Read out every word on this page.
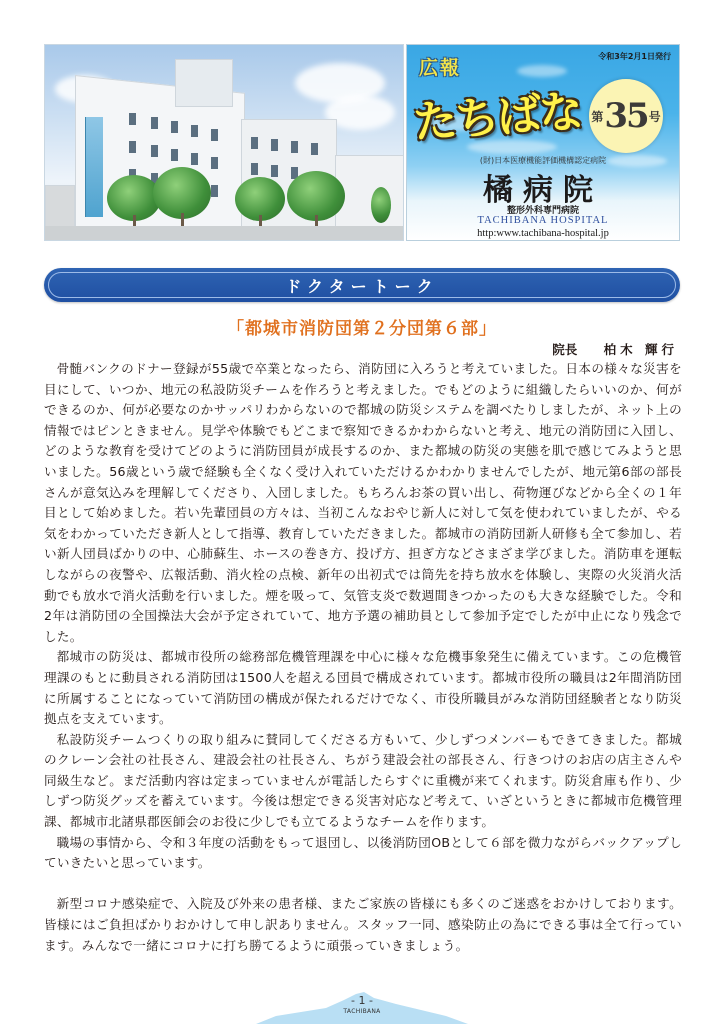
令和3年2月1日発行
広報
たちばな 第 35 号
(財)日本医療機能評価機構認定病院
橘病院
整形外科専門病院
TACHIBANA HOSPITAL
http:www.tachibana-hospital.jp
ドクタートーク
「都城市消防団第２分団第６部」
院長 柏木 輝行

骨髄バンクのドナー登録が55歳で卒業となったら、消防団に入ろうと考えていました。日本の様々な災害を目にして、いつか、地元の私設防災チームを作ろうと考えました。でもどのように組織したらいいのか、何ができるのか、何が必要なのかサッパリわからないので都城の防災システムを調べたりしましたが、ネット上の情報ではピンときません。見学や体験でもどこまで察知できるかわからないと考え、地元の消防団に入団し、どのような教育を受けてどのように消防団員が成長するのか、また都城の防災の実態を肌で感じてみようと思いました。56歳という歳で経験も全くなく受け入れていただけるかわかりませんでしたが、地元第6部の部長さんが意気込みを理解してくださり、入団しました。もちろんお茶の買い出し、荷物運びなどから全くの１年目として始めました。若い先輩団員の方々は、当初こんなおやじ新人に対して気を使われていましたが、やる気をわかっていただき新人として指導、教育していただきました。都城市の消防団新人研修も全て参加し、若い新人団員ばかりの中、心肺蘇生、ホースの巻き方、投げ方、担ぎ方などさまざま学びました。消防車を運転しながらの夜警や、広報活動、消火栓の点検、新年の出初式では筒先を持ち放水を体験し、実際の火災消火活動でも放水で消火活動を行いました。煙を吸って、気管支炎で数週間きつかったのも大きな経験でした。令和2年は消防団の全国操法大会が予定されていて、地方予選の補助員として参加予定でしたが中止になり残念でした。

都城市の防災は、都城市役所の総務部危機管理課を中心に様々な危機事象発生に備えています。この危機管理課のもとに動員される消防団は1500人を超える団員で構成されています。都城市役所の職員は2年間消防団に所属することになっていて消防団の構成が保たれるだけでなく、市役所職員がみな消防団経験者となり防災拠点を支えています。

私設防災チームつくりの取り組みに賛同してくださる方もいて、少しずつメンバーもできてきました。都城のクレーン会社の社長さん、建設会社の社長さん、ちがう建設会社の部長さん、行きつけのお店の店主さんや同級生など。まだ活動内容は定まっていませんが電話したらすぐに重機が来てくれます。防災倉庫も作り、少しずつ防災グッズを蓄えています。今後は想定できる災害対応など考えて、いざというときに都城市危機管理課、都城市北諸県郡医師会のお役に少しでも立てるようなチームを作ります。

職場の事情から、令和３年度の活動をもって退団し、以後消防団OBとして６部を微力ながらバックアップしていきたいと思っています。

新型コロナ感染症で、入院及び外来の患者様、またご家族の皆様にも多くのご迷惑をおかけしております。皆様にはご負担ばかりおかけして申し訳ありません。スタッフ一同、感染防止の為にできる事は全て行っています。みんなで一緒にコロナに打ち勝てるように頑張っていきましょう。

- 1 -
TACHIBANA
